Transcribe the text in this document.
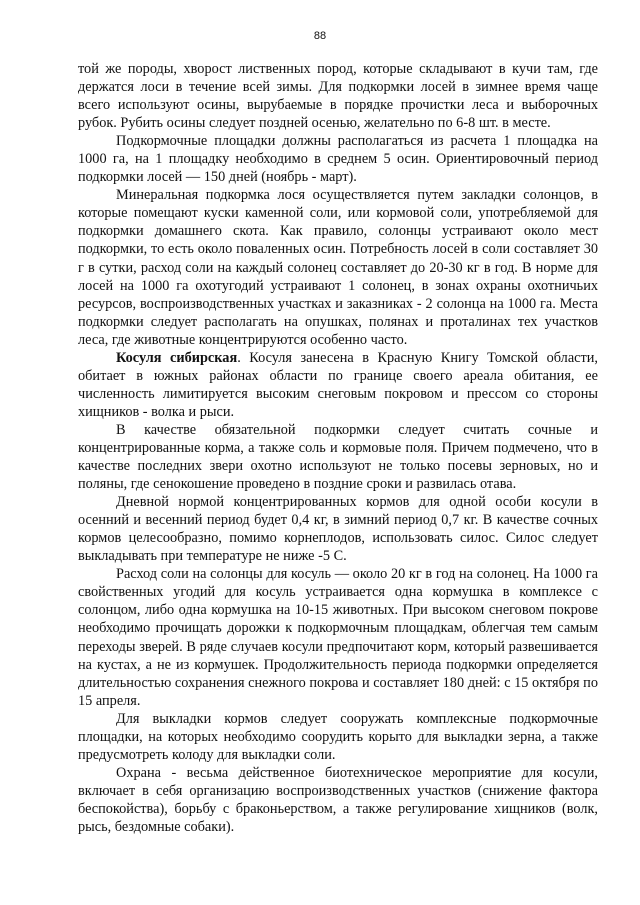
88

той же породы, хворост лиственных пород, которые складывают в кучи там, где держатся лоси в течение всей зимы. Для подкормки лосей в зимнее время чаще всего используют осины, вырубаемые в порядке прочистки леса и выборочных рубок. Рубить осины следует поздней осенью, желательно по 6-8 шт. в месте.

Подкормочные площадки должны располагаться из расчета 1 площадка на 1000 га, на 1 площадку необходимо в среднем 5 осин. Ориентировочный период подкормки лосей — 150 дней (ноябрь - март).

Минеральная подкормка лося осуществляется путем закладки солонцов, в которые помещают куски каменной соли, или кормовой соли, употребляемой для подкормки домашнего скота. Как правило, солонцы устраивают около мест подкормки, то есть около поваленных осин. Потребность лосей в соли составляет 30 г в сутки, расход соли на каждый солонец составляет до 20-30 кг в год. В норме для лосей на 1000 га охотугодий устраивают 1 солонец, в зонах охраны охотничьих ресурсов, воспроизводственных участках и заказниках - 2 солонца на 1000 га. Места подкормки следует располагать на опушках, полянах и проталинах тех участков леса, где животные концентрируются особенно часто.

Косуля сибирская. Косуля занесена в Красную Книгу Томской области, обитает в южных районах области по границе своего ареала обитания, ее численность лимитируется высоким снеговым покровом и прессом со стороны хищников - волка и рыси.

В качестве обязательной подкормки следует считать сочные и концентрированные корма, а также соль и кормовые поля. Причем подмечено, что в качестве последних звери охотно используют не только посевы зерновых, но и поляны, где сенокошение проведено в поздние сроки и развилась отава.

Дневной нормой концентрированных кормов для одной особи косули в осенний и весенний период будет 0,4 кг, в зимний период 0,7 кг. В качестве сочных кормов целесообразно, помимо корнеплодов, использовать силос. Силос следует выкладывать при температуре не ниже -5 С.

Расход соли на солонцы для косуль — около 20 кг в год на солонец. На 1000 га свойственных угодий для косуль устраивается одна кормушка в комплексе с солонцом, либо одна кормушка на 10-15 животных. При высоком снеговом покрове необходимо прочищать дорожки к подкормочным площадкам, облегчая тем самым переходы зверей. В ряде случаев косули предпочитают корм, который развешивается на кустах, а не из кормушек. Продолжительность периода подкормки определяется длительностью сохранения снежного покрова и составляет 180 дней: с 15 октября по 15 апреля.

Для выкладки кормов следует сооружать комплексные подкормочные площадки, на которых необходимо соорудить корыто для выкладки зерна, а также предусмотреть колоду для выкладки соли.

Охрана - весьма действенное биотехническое мероприятие для косули, включает в себя организацию воспроизводственных участков (снижение фактора беспокойства), борьбу с браконьерством, а также регулирование хищников (волк, рысь, бездомные собаки).
